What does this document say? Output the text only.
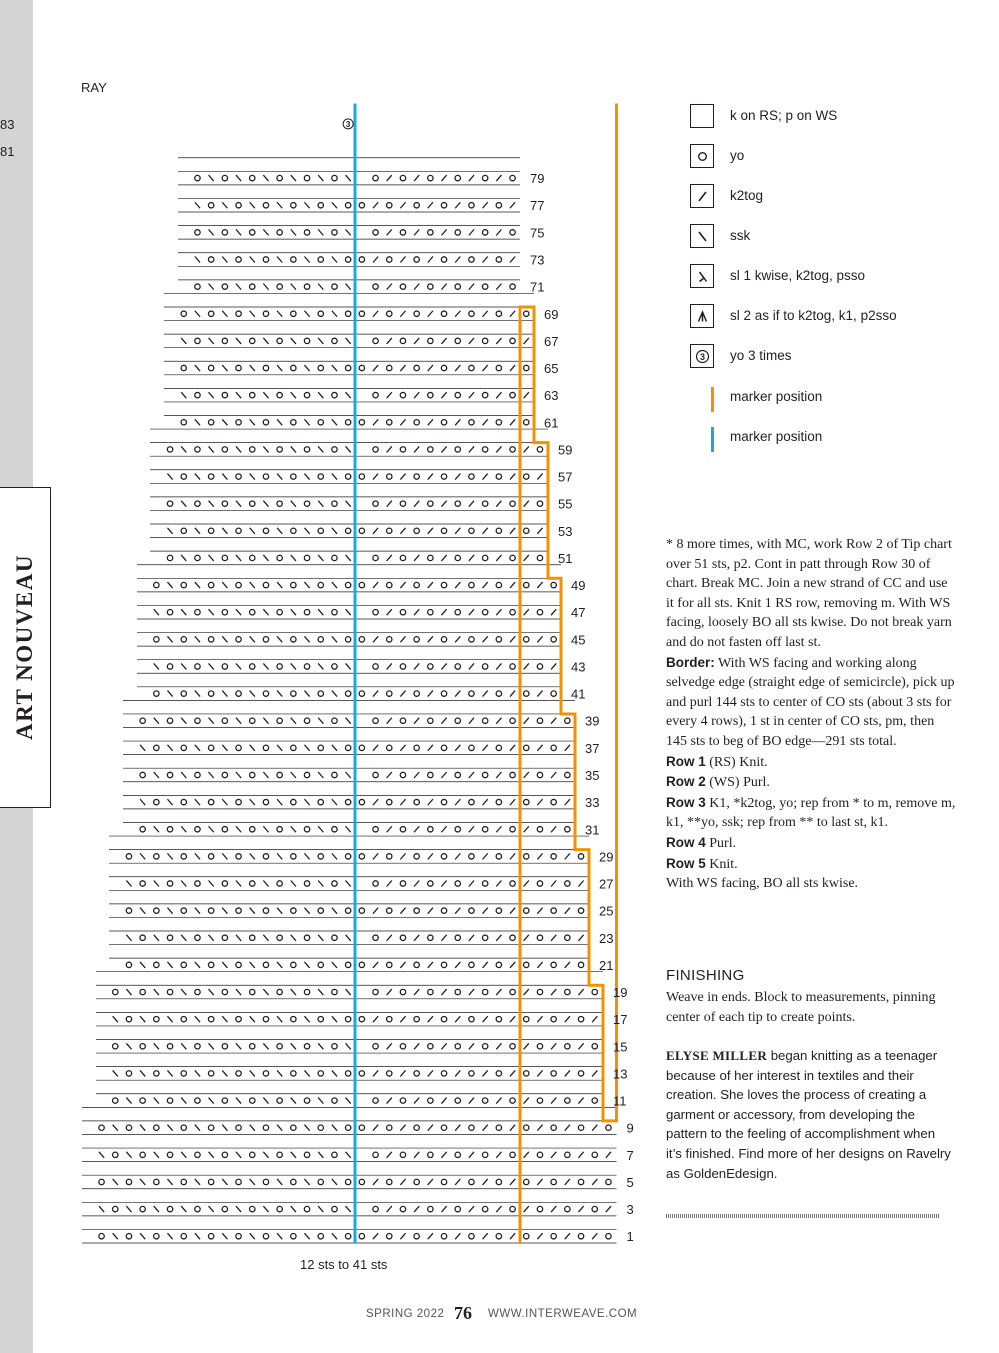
ART NOUVEAU
RAY
3
83
81
79
77
75
73
71
69
67
65
63
61
59
57
55
53
51
49
47
45
43
41
39
37
35
33
31
29
27
25
23
21
19
17
15
13
11
9
7
5
3
1
12 sts to 41 sts
k on RS; p on WS
yo
k2tog
ssk
sl 1 kwise, k2tog, psso
sl 2 as if to k2tog, k1, p2sso
3 yo 3 times
marker position
marker position

* 8 more times, with MC, work Row 2 of Tip chart over 51 sts, p2. Cont in patt through Row 30 of chart. Break MC. Join a new strand of CC and use it for all sts. Knit 1 RS row, removing m. With WS facing, loosely BO all sts kwise. Do not break yarn and do not fasten off last st.

Border: With WS facing and working along selvedge edge (straight edge of semicircle), pick up and purl 144 sts to center of CO sts (about 3 sts for every 4 rows), 1 st in center of CO sts, pm, then 145 sts to beg of BO edge—291 sts total.

Row 1 (RS) Knit.

Row 2 (WS) Purl.

Row 3 K1, *k2tog, yo; rep from * to m, remove m, k1, **yo, ssk; rep from ** to last st, k1.

Row 4 Purl.

Row 5 Knit.

With WS facing, BO all sts kwise.

FINISHING
Weave in ends. Block to measurements, pinning center of each tip to create points.
ELYSE MILLER began knitting as a teenager because of her interest in textiles and their creation. She loves the process of creating a garment or accessory, from developing the pattern to the feeling of accomplishment when it’s finished. Find more of her designs on Ravelry as GoldenEdesign.
SPRING 2022 76 WWW.INTERWEAVE.COM
